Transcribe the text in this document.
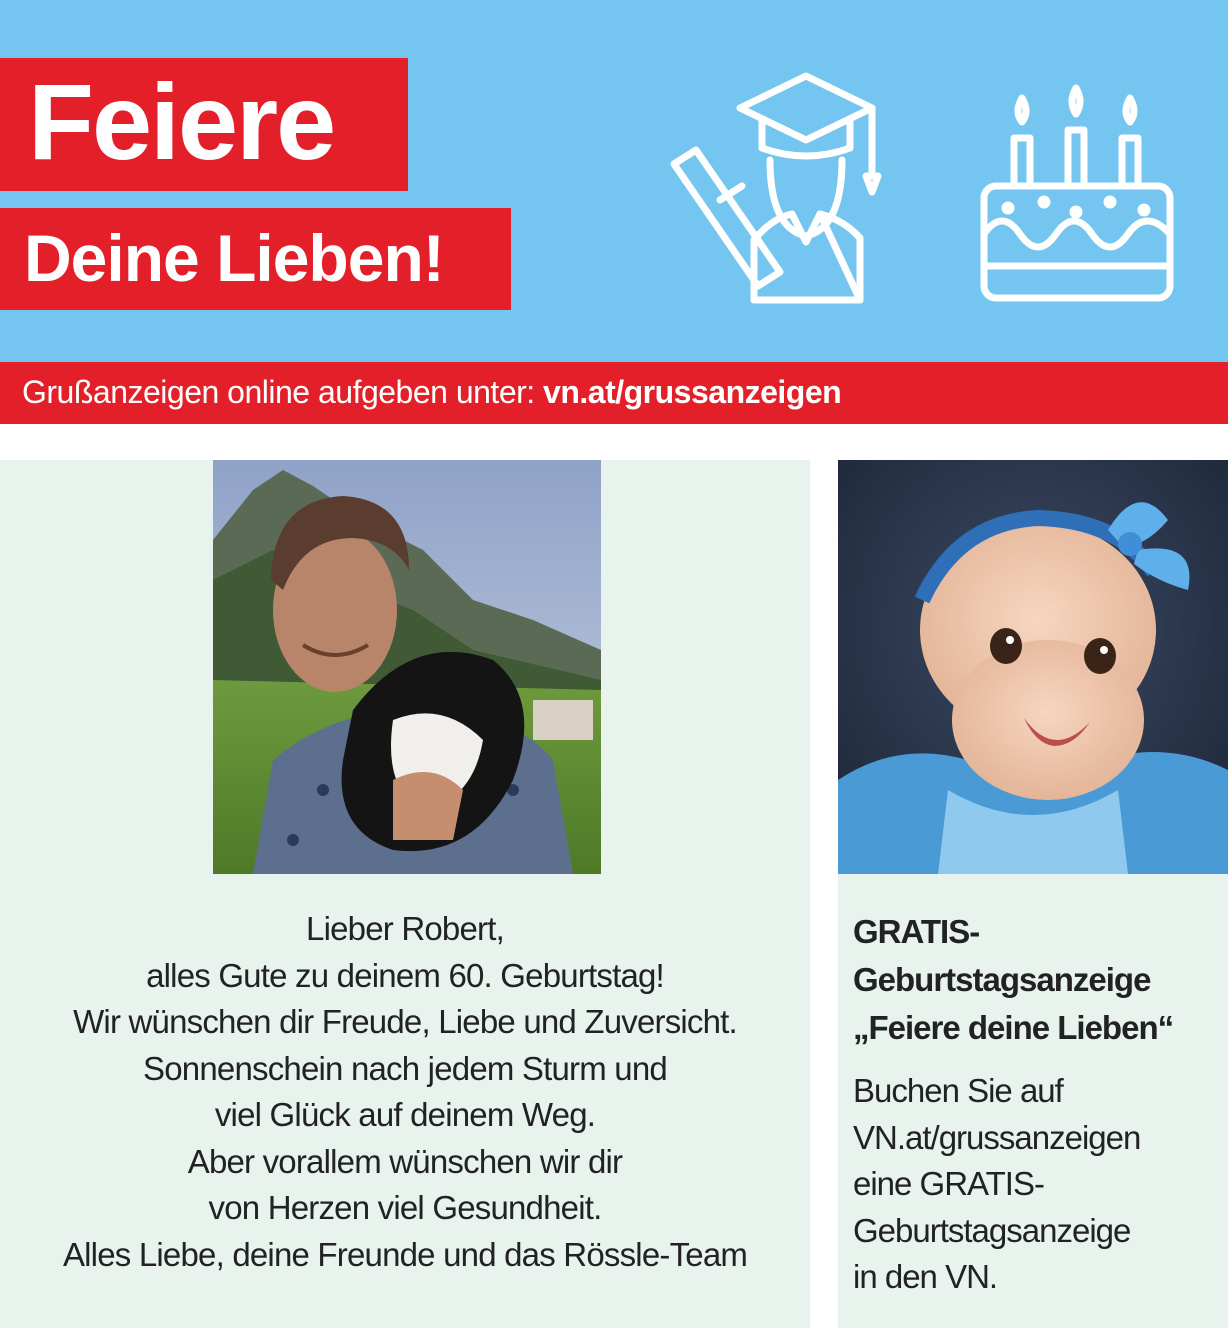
Feiere
Deine Lieben!
Grußanzeigen online aufgeben unter: vn.at/grussanzeigen
Lieber Robert,
alles Gute zu deinem 60. Geburtstag!
Wir wünschen dir Freude, Liebe und Zuversicht.
Sonnenschein nach jedem Sturm und
viel Glück auf deinem Weg.
Aber vorallem wünschen wir dir
von Herzen viel Gesundheit.
Alles Liebe, deine Freunde und das Rössle-Team
GRATIS-
Geburtstagsanzeige
„Feiere deine Lieben“
Buchen Sie auf
VN.at/grussanzeigen
eine GRATIS-
Geburtstagsanzeige
in den VN.
